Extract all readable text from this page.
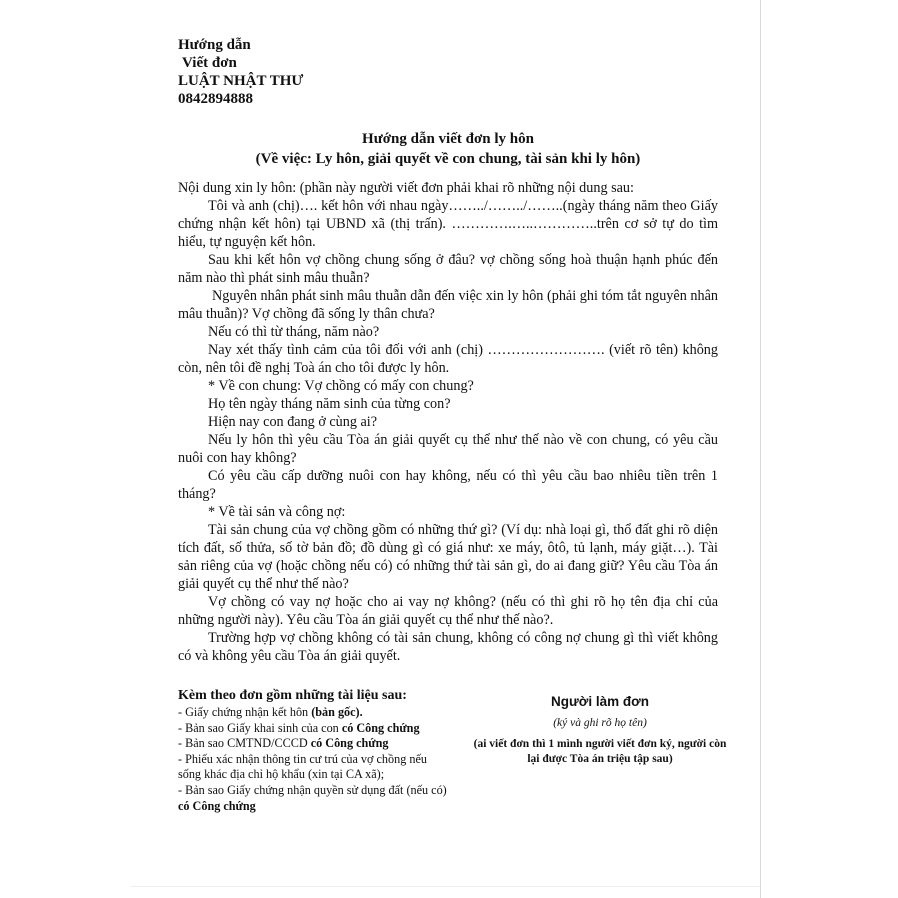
Hướng dẫn
Viết đơn
LUẬT NHẬT THƯ
0842894888
Hướng dẫn viết đơn ly hôn
(Về việc: Ly hôn, giải quyết về con chung, tài sản khi ly hôn)

Nội dung xin ly hôn: (phần này người viết đơn phải khai rõ những nội dung sau:

Tôi và anh (chị)…. kết hôn với nhau ngày……../……../……..(ngày tháng năm theo Giấy chứng nhận kết hôn) tại UBND xã (thị trấn). ………….…..…………..trên cơ sở tự do tìm hiểu, tự nguyện kết hôn.

Sau khi kết hôn vợ chồng chung sống ở đâu? vợ chồng sống hoà thuận hạnh phúc đến năm nào thì phát sinh mâu thuẫn?

Nguyên nhân phát sinh mâu thuẫn dẫn đến việc xin ly hôn (phải ghi tóm tắt nguyên nhân mâu thuẫn)? Vợ chồng đã sống ly thân chưa?

Nếu có thì từ tháng, năm nào?

Nay xét thấy tình cảm của tôi đối với anh (chị) ……………………. (viết rõ tên) không còn, nên tôi đề nghị Toà án cho tôi được ly hôn.

* Về con chung: Vợ chồng có mấy con chung?

Họ tên ngày tháng năm sinh của từng con?

Hiện nay con đang ở cùng ai?

Nếu ly hôn thì yêu cầu Tòa án giải quyết cụ thể như thế nào về con chung, có yêu cầu nuôi con hay không?

Có yêu cầu cấp dưỡng nuôi con hay không, nếu có thì yêu cầu bao nhiêu tiền trên 1 tháng?

* Về tài sản và công nợ:

Tài sản chung của vợ chồng gồm có những thứ gì? (Ví dụ: nhà loại gì, thổ đất ghi rõ diện tích đất, số thửa, số tờ bản đồ; đồ dùng gì có giá như: xe máy, ôtô, tủ lạnh, máy giặt…). Tài sản riêng của vợ (hoặc chồng nếu có) có những thứ tài sản gì, do ai đang giữ? Yêu cầu Tòa án giải quyết cụ thể như thế nào?

Vợ chồng có vay nợ hoặc cho ai vay nợ không? (nếu có thì ghi rõ họ tên địa chỉ của những người này). Yêu cầu Tòa án giải quyết cụ thể như thế nào?.

Trường hợp vợ chồng không có tài sản chung, không có công nợ chung gì thì viết không có và không yêu cầu Tòa án giải quyết.

Kèm theo đơn gồm những tài liệu sau:
- Giấy chứng nhận kết hôn (bản gốc).
- Bản sao Giấy khai sinh của con có Công chứng
- Bản sao CMTND/CCCD có Công chứng
- Phiếu xác nhận thông tin cư trú của vợ chồng nếu sống khác địa chỉ hộ khẩu (xin tại CA xã);
- Bản sao Giấy chứng nhận quyền sử dụng đất (nếu có) có Công chứng
Người làm đơn
(ký và ghi rõ họ tên)
(ai viết đơn thì 1 mình người viết đơn ký, người còn lại được Tòa án triệu tập sau)
